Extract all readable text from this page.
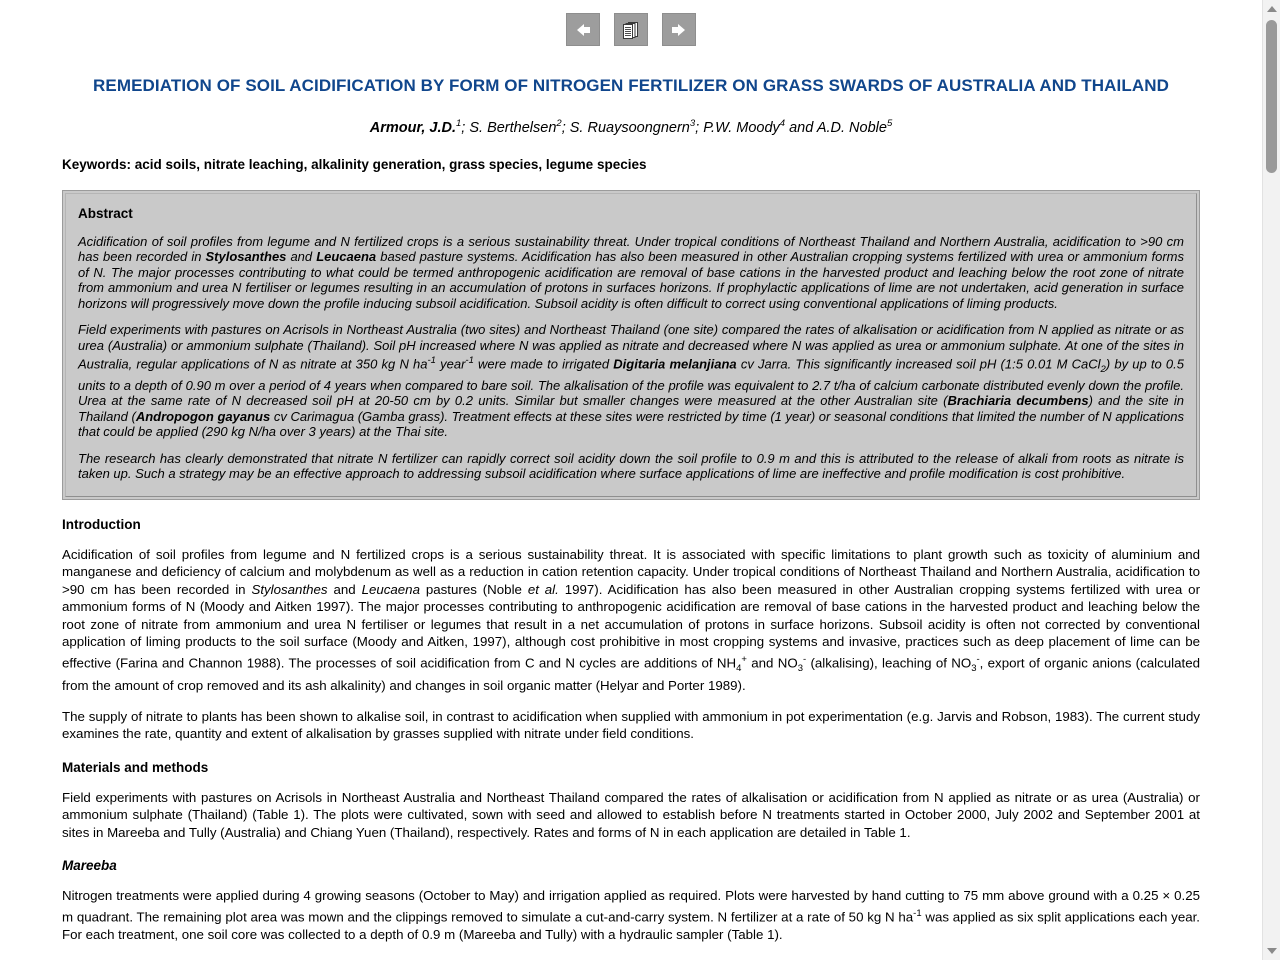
REMEDIATION OF SOIL ACIDIFICATION BY FORM OF NITROGEN FERTILIZER ON GRASS SWARDS OF AUSTRALIA AND THAILAND
Armour, J.D.$^1$; S. Berthelsen$^2$; S. Ruaysoongnern$^3$; P.W. Moody$^4$ and A.D. Noble$^5$
Keywords: acid soils, nitrate leaching, alkalinity generation, grass species, legume species
Abstract

Acidification of soil profiles from legume and N fertilized crops is a serious sustainability threat. Under tropical conditions of Northeast Thailand and Northern Australia, acidification to >90 cm has been recorded in Stylosanthes and Leucaena based pasture systems. Acidification has also been measured in other Australian cropping systems fertilized with urea or ammonium forms of N. The major processes contributing to what could be termed anthropogenic acidification are removal of base cations in the harvested product and leaching below the root zone of nitrate from ammonium and urea N fertiliser or legumes resulting in an accumulation of protons in surfaces horizons. If prophylactic applications of lime are not undertaken, acid generation in surface horizons will progressively move down the profile inducing subsoil acidification. Subsoil acidity is often difficult to correct using conventional applications of liming products.

Field experiments with pastures on Acrisols in Northeast Australia (two sites) and Northeast Thailand (one site) compared the rates of alkalisation or acidification from N applied as nitrate or as urea (Australia) or ammonium sulphate (Thailand). Soil pH increased where N was applied as nitrate and decreased where N was applied as urea or ammonium sulphate. At one of the sites in Australia, regular applications of N as nitrate at 350 kg N $ha^{-1}$ year$^{-1}$ were made to irrigated Digitaria melanjiana cv Jarra. This significantly increased soil pH (1:5 0.01 M CaCl$_2$) by up to 0.5 units to a depth of 0.90 m over a period of 4 years when compared to bare soil. The alkalisation of the profile was equivalent to 2.7 t/ha of calcium carbonate distributed evenly down the profile. Urea at the same rate of N decreased soil pH at 20-50 cm by 0.2 units. Similar but smaller changes were measured at the other Australian site (Brachiaria decumbens) and the site in Thailand (Andropogon gayanus cv Carimagua (Gamba grass). Treatment effects at these sites were restricted by time (1 year) or seasonal conditions that limited the number of N applications that could be applied (290 kg N/ha over 3 years) at the Thai site.

The research has clearly demonstrated that nitrate N fertilizer can rapidly correct soil acidity down the soil profile to 0.9 m and this is attributed to the release of alkali from roots as nitrate is taken up. Such a strategy may be an effective approach to addressing subsoil acidification where surface applications of lime are ineffective and profile modification is cost prohibitive.

Introduction

Acidification of soil profiles from legume and N fertilized crops is a serious sustainability threat. It is associated with specific limitations to plant growth such as toxicity of aluminium and manganese and deficiency of calcium and molybdenum as well as a reduction in cation retention capacity. Under tropical conditions of Northeast Thailand and Northern Australia, acidification to >90 cm has been recorded in Stylosanthes and Leucaena pastures (Noble et al. 1997). Acidification has also been measured in other Australian cropping systems fertilized with urea or ammonium forms of N (Moody and Aitken 1997). The major processes contributing to anthropogenic acidification are removal of base cations in the harvested product and leaching below the root zone of nitrate from ammonium and urea N fertiliser or legumes that result in a net accumulation of protons in surface horizons. Subsoil acidity is often not corrected by conventional application of liming products to the soil surface (Moody and Aitken, 1997), although cost prohibitive in most cropping systems and invasive, practices such as deep placement of lime can be effective (Farina and Channon 1988). The processes of soil acidification from C and N cycles are additions of $NH_4^+$ and $NO_3^-$ (alkalising), leaching of $NO_3^-$, export of organic anions (calculated from the amount of crop removed and its ash alkalinity) and changes in soil organic matter (Helyar and Porter 1989).

The supply of nitrate to plants has been shown to alkalise soil, in contrast to acidification when supplied with ammonium in pot experimentation (e.g. Jarvis and Robson, 1983). The current study examines the rate, quantity and extent of alkalisation by grasses supplied with nitrate under field conditions.

Materials and methods

Field experiments with pastures on Acrisols in Northeast Australia and Northeast Thailand compared the rates of alkalisation or acidification from N applied as nitrate or as urea (Australia) or ammonium sulphate (Thailand) (Table 1). The plots were cultivated, sown with seed and allowed to establish before N treatments started in October 2000, July 2002 and September 2001 at sites in Mareeba and Tully (Australia) and Chiang Yuen (Thailand), respectively. Rates and forms of N in each application are detailed in Table 1.

Mareeba

Nitrogen treatments were applied during 4 growing seasons (October to May) and irrigation applied as required. Plots were harvested by hand cutting to 75 mm above ground with a 0.25 × 0.25 m quadrant. The remaining plot area was mown and the clippings removed to simulate a cut-and-carry system. N fertilizer at a rate of 50 kg N $ha^{-1}$ was applied as six split applications each year. For each treatment, one soil core was collected to a depth of 0.9 m (Mareeba and Tully) with a hydraulic sampler (Table 1).
